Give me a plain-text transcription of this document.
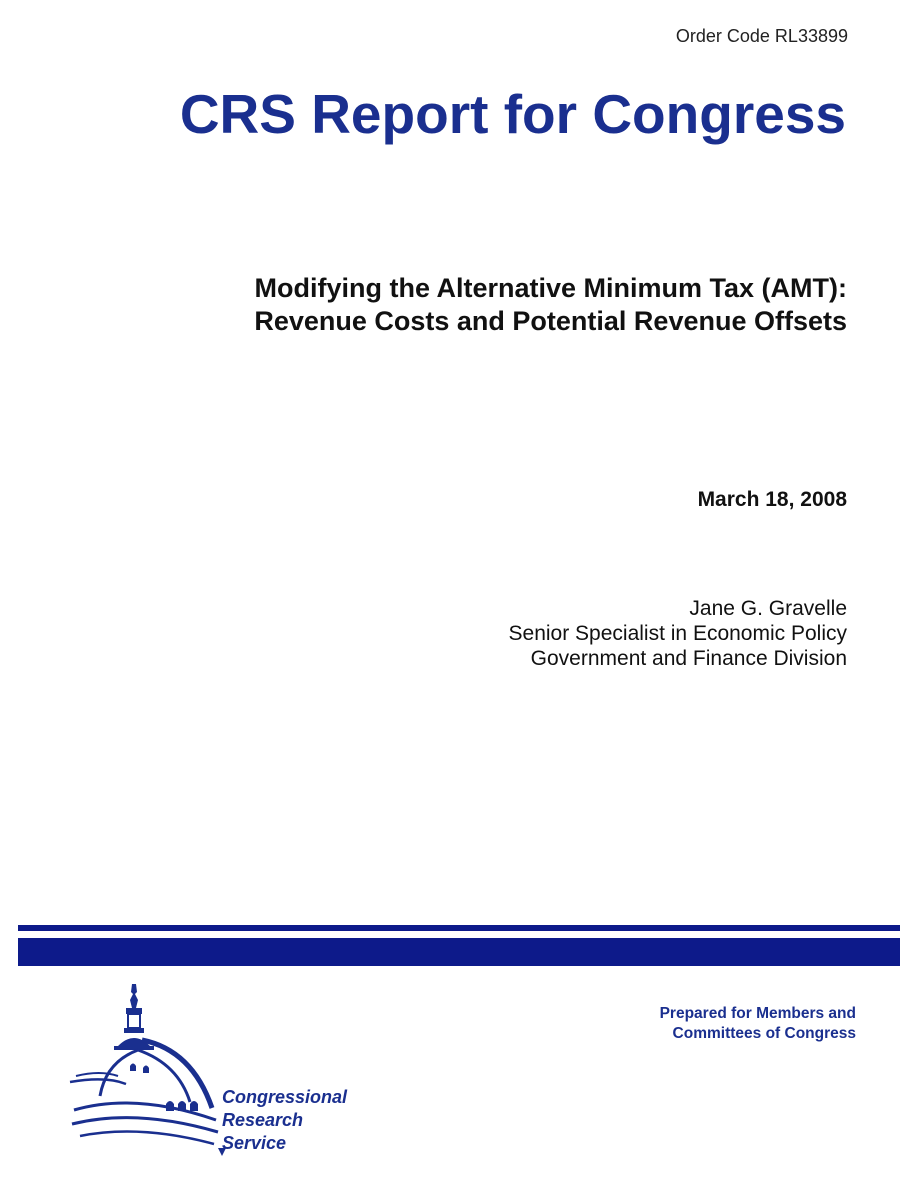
Order Code RL33899
CRS Report for Congress
Modifying the Alternative Minimum Tax (AMT):
Revenue Costs and Potential Revenue Offsets
March 18, 2008
Jane G. Gravelle
Senior Specialist in Economic Policy
Government and Finance Division
Prepared for Members and
Committees of Congress
Congressional
Research
Service
